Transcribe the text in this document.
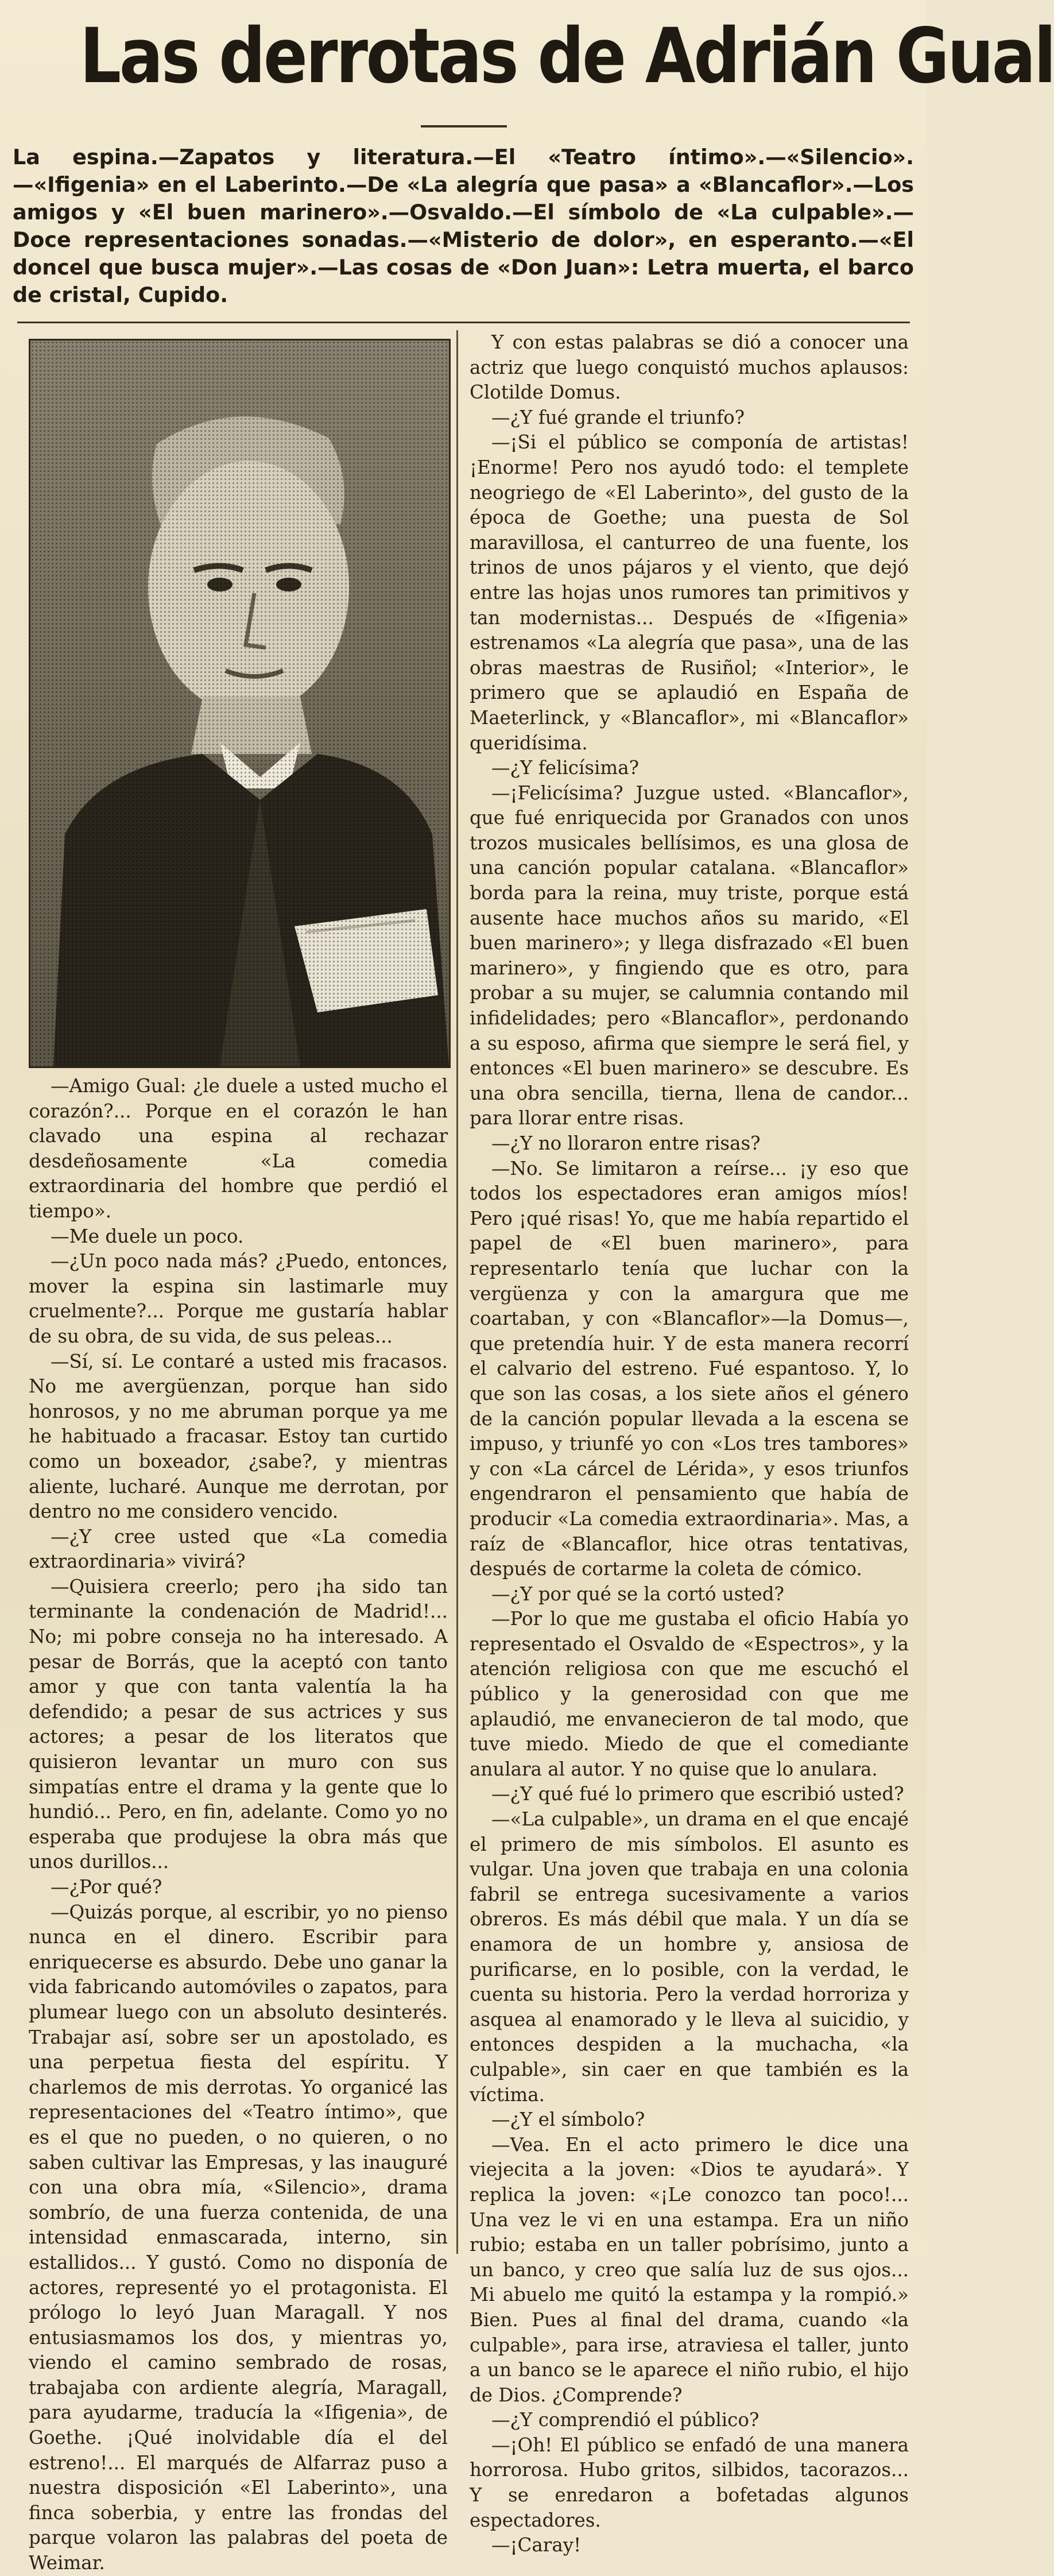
Las derrotas de Adrián Gual
La espina.—Zapatos y literatura.—El «Teatro íntimo».—«Silencio».—«Ifigenia» en el Laberinto.—De «La alegría que pasa» a «Blancaflor».—Los amigos y «El buen marinero».—Osvaldo.—El símbolo de «La culpable».—Doce representaciones sonadas.—«Misterio de dolor», en esperanto.—«El doncel que busca mujer».—Las cosas de «Don Juan»: Letra muerta, el barco de cristal, Cupido.

—Amigo Gual: ¿le duele a usted mucho el corazón?... Porque en el corazón le han clavado una espina al rechazar desdeñosamente «La comedia extraordinaria del hombre que perdió el tiempo».

—Me duele un poco.

—¿Un poco nada más? ¿Puedo, entonces, mover la espina sin lastimarle muy cruelmente?... Porque me gustaría hablar de su obra, de su vida, de sus peleas...

—Sí, sí. Le contaré a usted mis fracasos. No me avergüenzan, porque han sido honrosos, y no me abruman porque ya me he habituado a fracasar. Estoy tan curtido como un boxeador, ¿sabe?, y mientras aliente, lucharé. Aunque me derrotan, por dentro no me considero vencido.

—¿Y cree usted que «La comedia extraordinaria» vivirá?

—Quisiera creerlo; pero ¡ha sido tan terminante la condenación de Madrid!... No; mi pobre conseja no ha interesado. A pesar de Borrás, que la aceptó con tanto amor y que con tanta valentía la ha defendido; a pesar de sus actrices y sus actores; a pesar de los literatos que quisieron levantar un muro con sus simpatías entre el drama y la gente que lo hundió... Pero, en fin, adelante. Como yo no esperaba que produjese la obra más que unos durillos...

—¿Por qué?

—Quizás porque, al escribir, yo no pienso nunca en el dinero. Escribir para enriquecerse es absurdo. Debe uno ganar la vida fabricando automóviles o zapatos, para plumear luego con un absoluto desinterés. Trabajar así, sobre ser un apostolado, es una perpetua fiesta del espíritu. Y charlemos de mis derrotas. Yo organicé las representaciones del «Teatro íntimo», que es el que no pueden, o no quieren, o no saben cultivar las Empresas, y las inauguré con una obra mía, «Silencio», drama sombrío, de una fuerza contenida, de una intensidad enmascarada, interno, sin estallidos... Y gustó. Como no disponía de actores, representé yo el protagonista. El prólogo lo leyó Juan Maragall. Y nos entusiasmamos los dos, y mientras yo, viendo el camino sembrado de rosas, trabajaba con ardiente alegría, Maragall, para ayudarme, traducía la «Ifigenia», de Goethe. ¡Qué inolvidable día el del estreno!... El marqués de Alfarraz puso a nuestra disposición «El Laberinto», una finca soberbia, y entre las frondas del parque volaron las palabras del poeta de Weimar.

Y con estas palabras se dió a conocer una actriz que luego conquistó muchos aplausos: Clotilde Domus.

—¿Y fué grande el triunfo?

—¡Si el público se componía de artistas! ¡Enorme! Pero nos ayudó todo: el templete neogriego de «El Laberinto», del gusto de la época de Goethe; una puesta de Sol maravillosa, el canturreo de una fuente, los trinos de unos pájaros y el viento, que dejó entre las hojas unos rumores tan primitivos y tan modernistas... Después de «Ifigenia» estrenamos «La alegría que pasa», una de las obras maestras de Rusiñol; «Interior», le primero que se aplaudió en España de Maeterlinck, y «Blancaflor», mi «Blancaflor» queridísima.

—¿Y felicísima?

—¡Felicísima? Juzgue usted. «Blancaflor», que fué enriquecida por Granados con unos trozos musicales bellísimos, es una glosa de una canción popular catalana. «Blancaflor» borda para la reina, muy triste, porque está ausente hace muchos años su marido, «El buen marinero»; y llega disfrazado «El buen marinero», y fingiendo que es otro, para probar a su mujer, se calumnia contando mil infidelidades; pero «Blancaflor», perdonando a su esposo, afirma que siempre le será fiel, y entonces «El buen marinero» se descubre. Es una obra sencilla, tierna, llena de candor... para llorar entre risas.

—¿Y no lloraron entre risas?

—No. Se limitaron a reírse... ¡y eso que todos los espectadores eran amigos míos! Pero ¡qué risas! Yo, que me había repartido el papel de «El buen marinero», para representarlo tenía que luchar con la vergüenza y con la amargura que me coartaban, y con «Blancaflor»—la Domus—, que pretendía huir. Y de esta manera recorrí el calvario del estreno. Fué espantoso. Y, lo que son las cosas, a los siete años el género de la canción popular llevada a la escena se impuso, y triunfé yo con «Los tres tambores» y con «La cárcel de Lérida», y esos triunfos engendraron el pensamiento que había de producir «La comedia extraordinaria». Mas, a raíz de «Blancaflor, hice otras tentativas, después de cortarme la coleta de cómico.

—¿Y por qué se la cortó usted?

—Por lo que me gustaba el oficio Había yo representado el Osvaldo de «Espectros», y la atención religiosa con que me escuchó el público y la generosidad con que me aplaudió, me envanecieron de tal modo, que tuve miedo. Miedo de que el comediante anulara al autor. Y no quise que lo anulara.

—¿Y qué fué lo primero que escribió usted?

—«La culpable», un drama en el que encajé el primero de mis símbolos. El asunto es vulgar. Una joven que trabaja en una colonia fabril se entrega sucesivamente a varios obreros. Es más débil que mala. Y un día se enamora de un hombre y, ansiosa de purificarse, en lo posible, con la verdad, le cuenta su historia. Pero la verdad horroriza y asquea al enamorado y le lleva al suicidio, y entonces despiden a la muchacha, «la culpable», sin caer en que también es la víctima.

—¿Y el símbolo?

—Vea. En el acto primero le dice una viejecita a la joven: «Dios te ayudará». Y replica la joven: «¡Le conozco tan poco!... Una vez le vi en una estampa. Era un niño rubio; estaba en un taller pobrísimo, junto a un banco, y creo que salía luz de sus ojos... Mi abuelo me quitó la estampa y la rompió.» Bien. Pues al final del drama, cuando «la culpable», para irse, atraviesa el taller, junto a un banco se le aparece el niño rubio, el hijo de Dios. ¿Comprende?

—¿Y comprendió el público?

—¡Oh! El público se enfadó de una manera horrorosa. Hubo gritos, silbidos, tacorazos... Y se enredaron a bofetadas algunos espectadores.

—¡Caray!
